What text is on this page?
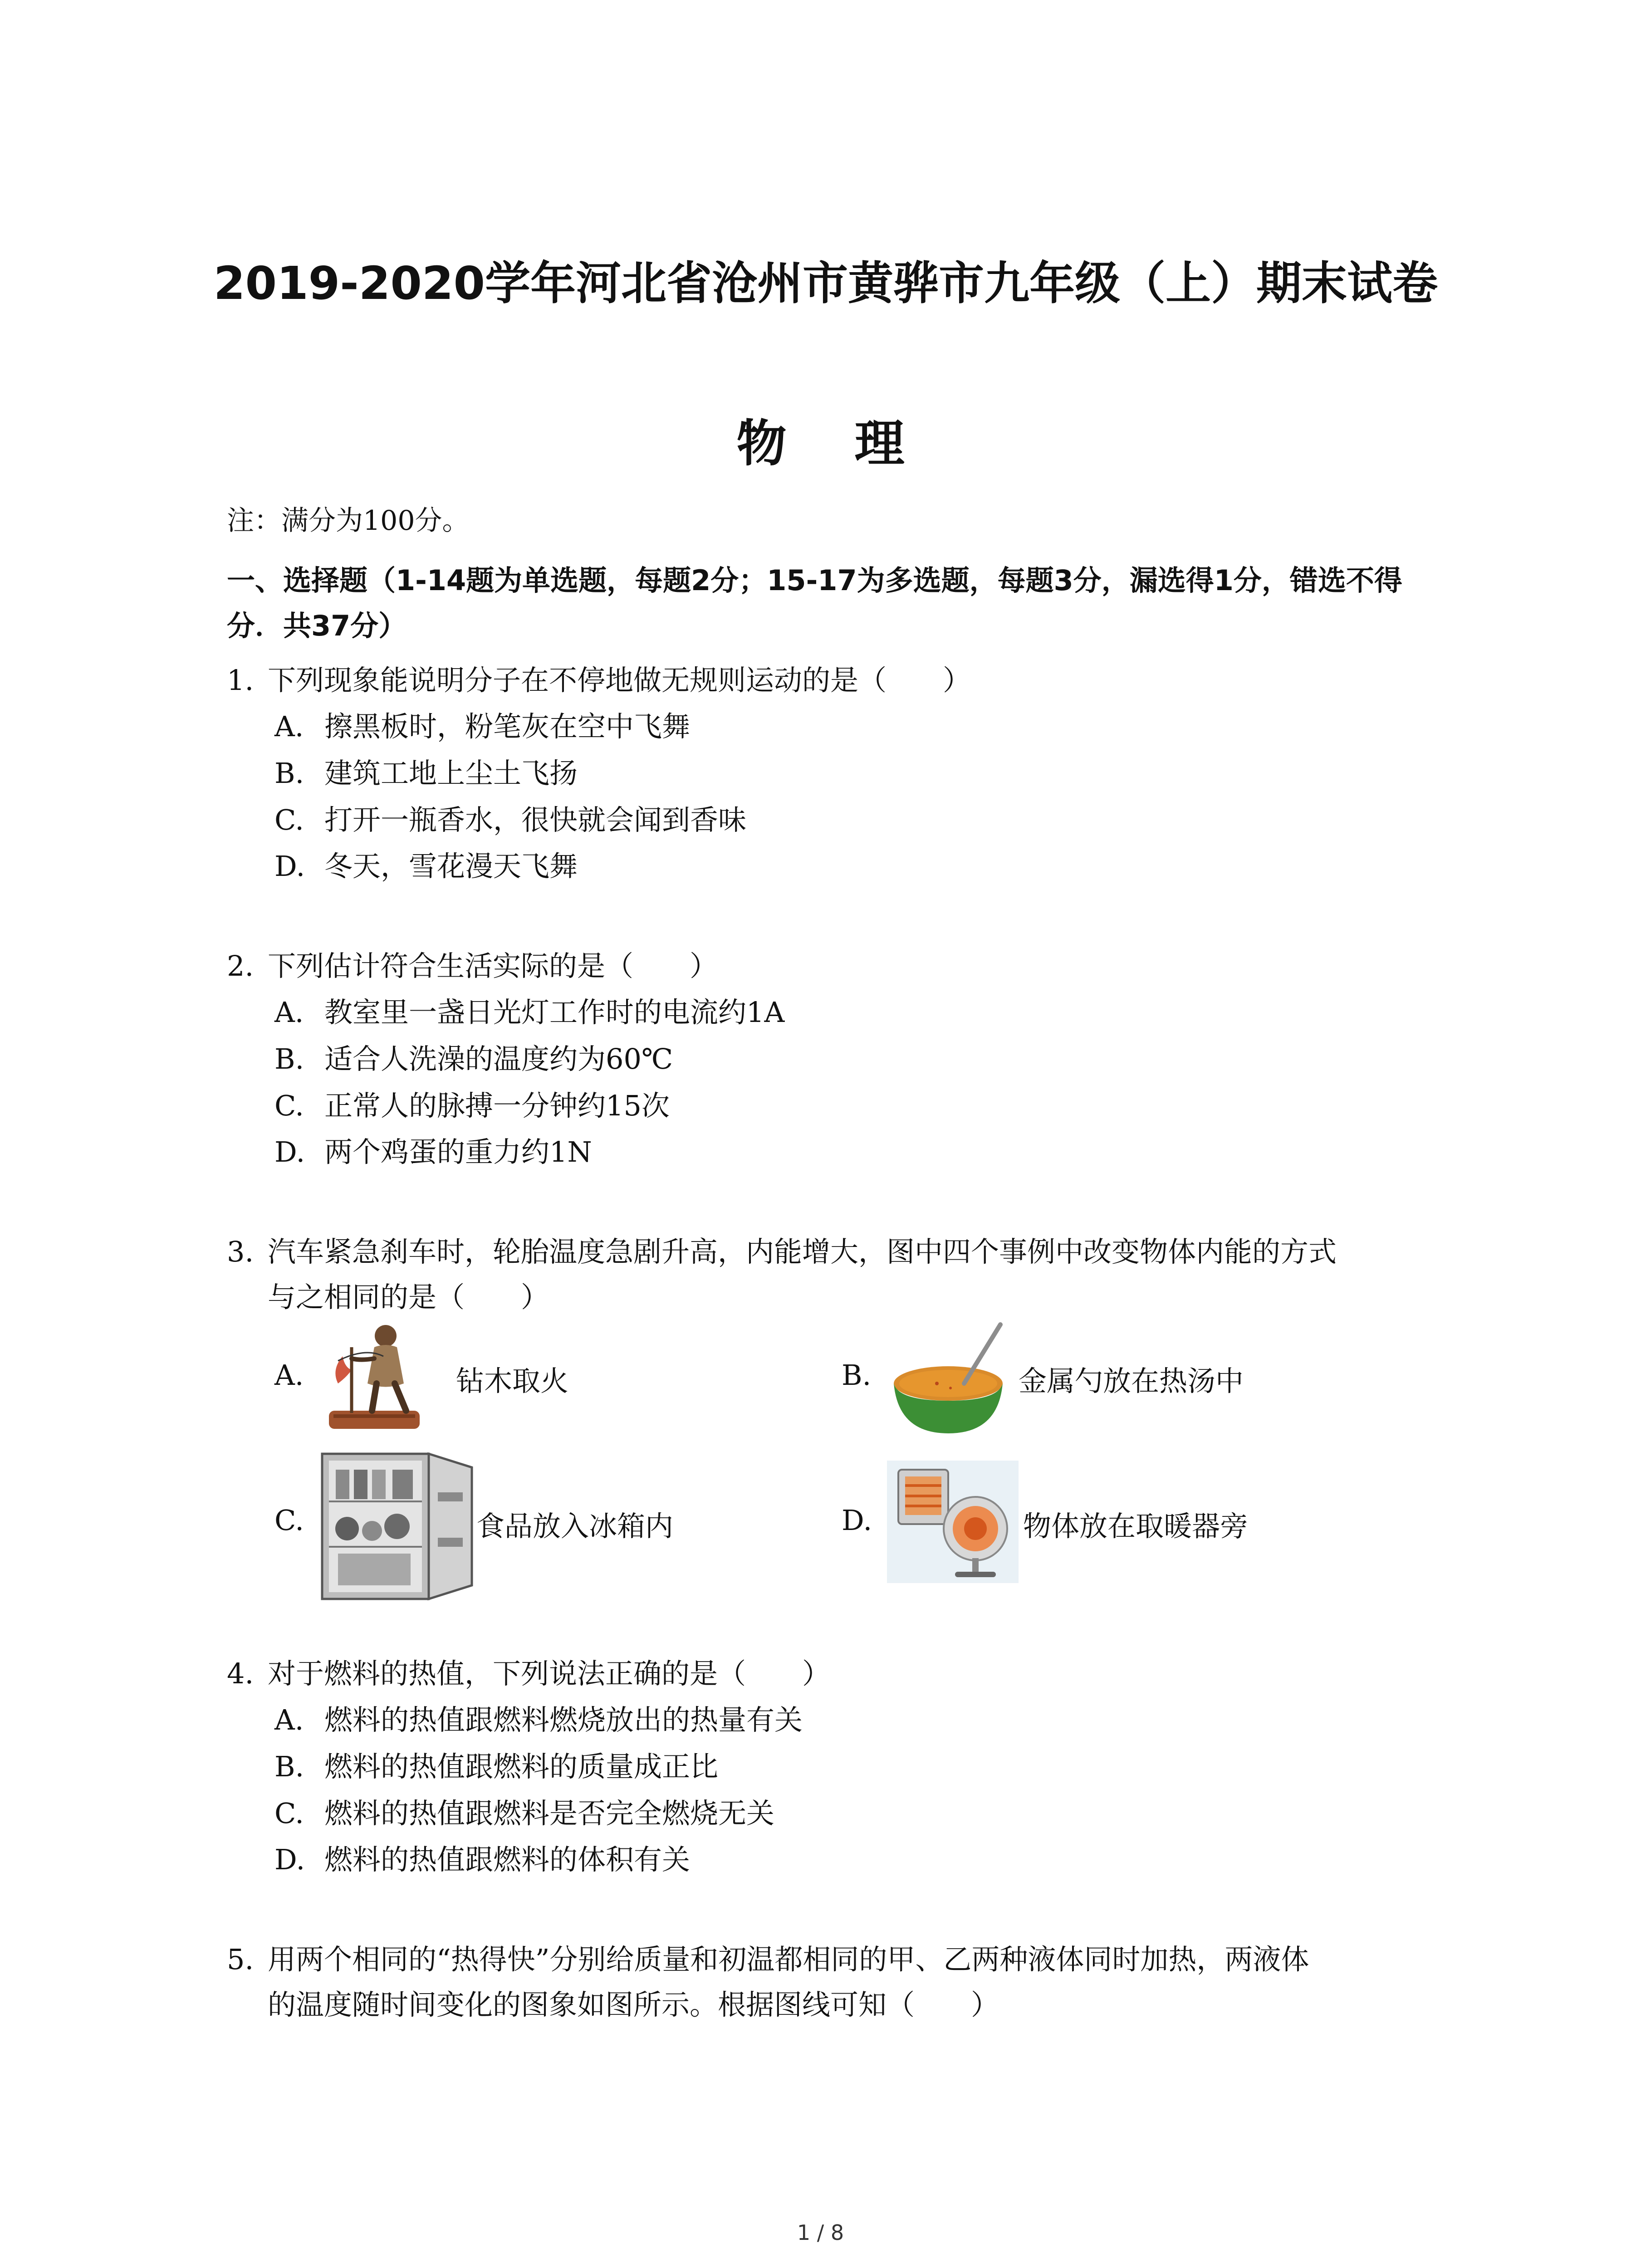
2019-2020学年河北省沧州市黄骅市九年级（上）期末试卷
物理
注：满分为100分。
一、选择题（1-14题为单选题，每题2分；15-17为多选题，每题3分，漏选得1分，错选不得分．共37分）
1. 下列现象能说明分子在不停地做无规则运动的是（　　）
A. 擦黑板时，粉笔灰在空中飞舞
B. 建筑工地上尘土飞扬
C. 打开一瓶香水，很快就会闻到香味
D. 冬天，雪花漫天飞舞
2. 下列估计符合生活实际的是（　　）
A. 教室里一盏日光灯工作时的电流约1A
B. 适合人洗澡的温度约为60℃
C. 正常人的脉搏一分钟约15次
D. 两个鸡蛋的重力约1N
3. 汽车紧急刹车时，轮胎温度急剧升高，内能增大，图中四个事例中改变物体内能的方式
与之相同的是（　　）
A.	钻木取火	B.	金属勺放在热汤中
C.	食品放入冰箱内	D.	物体放在取暖器旁
4. 对于燃料的热值，下列说法正确的是（　　）
A. 燃料的热值跟燃料燃烧放出的热量有关
B. 燃料的热值跟燃料的质量成正比
C. 燃料的热值跟燃料是否完全燃烧无关
D. 燃料的热值跟燃料的体积有关
5. 用两个相同的“热得快”分别给质量和初温都相同的甲、乙两种液体同时加热，两液体
的温度随时间变化的图象如图所示。根据图线可知（　　）
1 / 8
